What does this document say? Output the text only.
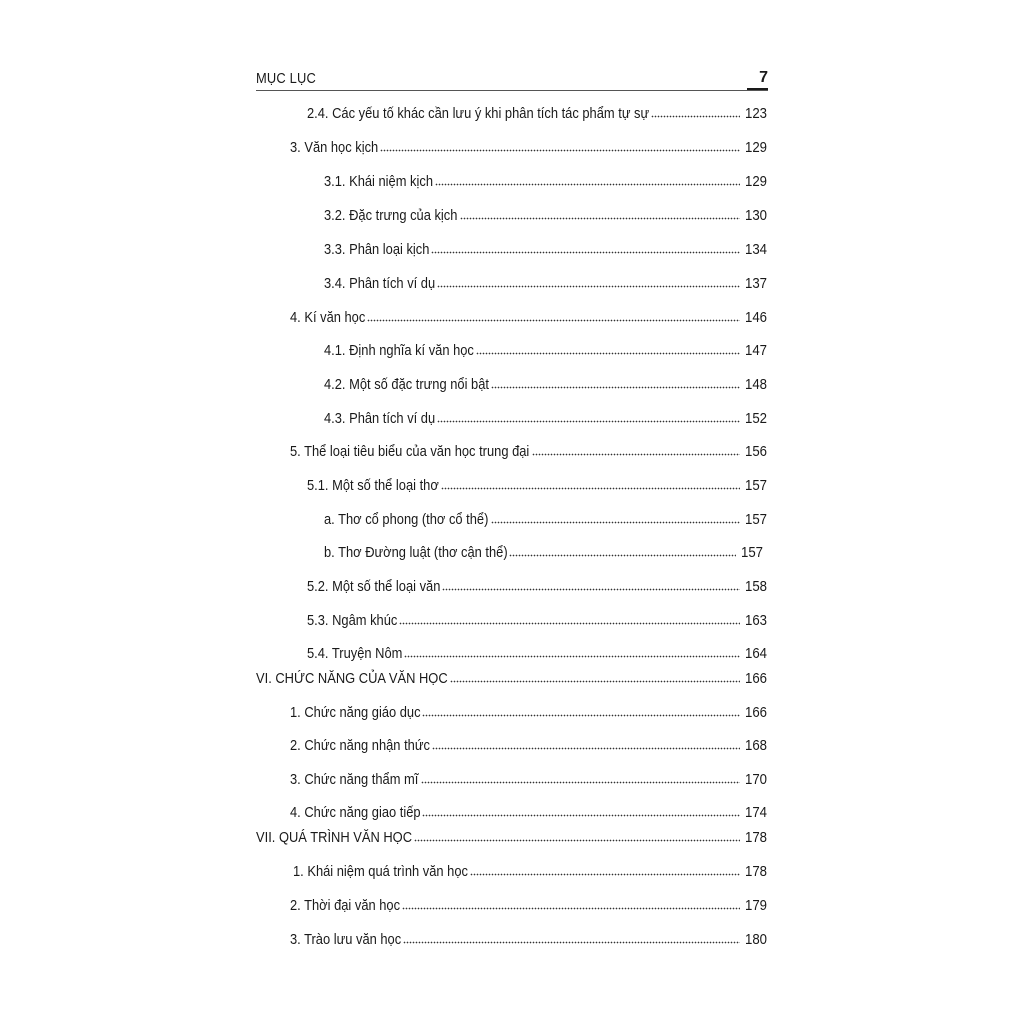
MỤC LỤC	7
2.4. Các yếu tố khác cần lưu ý khi phân tích tác phẩm tự sự	123
3. Văn học kịch	129
3.1. Khái niệm kịch	129
3.2. Đặc trưng của kịch	130
3.3. Phân loại kịch	134
3.4. Phân tích ví dụ	137
4. Kí văn học	146
4.1. Định nghĩa kí văn học	147
4.2. Một số đặc trưng nổi bật	148
4.3. Phân tích ví dụ	152
5. Thể loại tiêu biểu của văn học trung đại	156
5.1. Một số thể loại thơ	157
a. Thơ cổ phong (thơ cổ thể)	157
b. Thơ Đường luật (thơ cận thể)	157
5.2. Một số thể loại văn	158
5.3. Ngâm khúc	163
5.4. Truyện Nôm	164
VI. CHỨC NĂNG CỦA VĂN HỌC	166
1. Chức năng giáo dục	166
2. Chức năng nhận thức	168
3. Chức năng thẩm mĩ	170
4. Chức năng giao tiếp	174
VII. QUÁ TRÌNH VĂN HỌC	178
1. Khái niệm quá trình văn học	178
2. Thời đại văn học	179
3. Trào lưu văn học	180
